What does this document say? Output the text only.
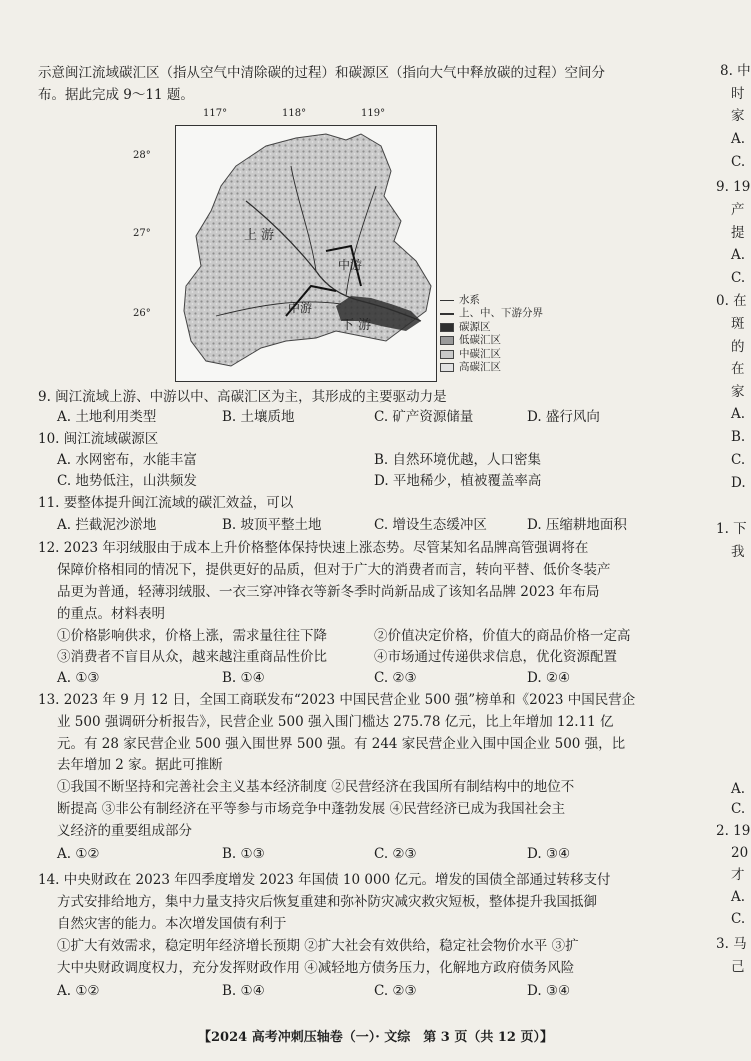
示意闽江流域碳汇区（指从空气中清除碳的过程）和碳源区（指向大气中释放碳的过程）空间分
布。据此完成 9～11 题。
117°	118°	119°
28°
27°
26°
上 游
中游
中游
下 游
水系
上、中、下游分界
碳源区
低碳汇区
中碳汇区
高碳汇区
9. 闽江流域上游、中游以中、高碳汇区为主，其形成的主要驱动力是
A. 土地利用类型	B. 土壤质地	C. 矿产资源储量	D. 盛行风向
10. 闽江流域碳源区
A. 水网密布，水能丰富	B. 自然环境优越，人口密集
C. 地势低注，山洪频发	D. 平地稀少，植被覆盖率高
11. 要整体提升闽江流域的碳汇效益，可以
A. 拦截泥沙淤地	B. 坡顶平整土地	C. 增设生态缓冲区	D. 压缩耕地面积
12. 2023 年羽绒服由于成本上升价格整体保持快速上涨态势。尽管某知名品牌高管强调将在
保障价格相同的情况下，提供更好的品质，但对于广大的消费者而言，转向平替、低价冬装产
品更为普通，轻薄羽绒服、一衣三穿冲锋衣等新冬季时尚新品成了该知名品牌 2023 年布局
的重点。材料表明
①价格影响供求，价格上涨，需求量往往下降	②价值决定价格，价值大的商品价格一定高
③消费者不盲目从众，越来越注重商品性价比	④市场通过传递供求信息，优化资源配置
A. ①③	B. ①④	C. ②③	D. ②④
13. 2023 年 9 月 12 日，全国工商联发布“2023 中国民营企业 500 强”榜单和《2023 中国民营企
业 500 强调研分析报告》，民营企业 500 强入围门槛达 275.78 亿元，比上年增加 12.11 亿
元。有 28 家民营企业 500 强入围世界 500 强。有 244 家民营企业入围中国企业 500 强，比
去年增加 2 家。据此可推断
①我国不断坚持和完善社会主义基本经济制度 ②民营经济在我国所有制结构中的地位不
断提高 ③非公有制经济在平等参与市场竞争中蓬勃发展 ④民营经济已成为我国社会主
义经济的重要组成部分
A. ①②	B. ①③	C. ②③	D. ③④
14. 中央财政在 2023 年四季度增发 2023 年国债 10 000 亿元。增发的国债全部通过转移支付
方式安排给地方，集中力量支持灾后恢复重建和弥补防灾减灾救灾短板，整体提升我国抵御
自然灾害的能力。本次增发国债有利于
①扩大有效需求，稳定明年经济增长预期 ②扩大社会有效供给，稳定社会物价水平 ③扩
大中央财政调度权力，充分发挥财政作用 ④减轻地方债务压力，化解地方政府债务风险
A. ①②	B. ①④	C. ②③	D. ③④
【2024 高考冲刺压轴卷（一）· 文综　第 3 页（共 12 页）】
8. 中
时
家
A.
C.
9. 19
产
提
A.
C.
0. 在
斑
的
在
家
A.
B.
C.
D.
1. 下
我
A.
C.
2. 19
20
才
A.
C.
3. 马
己
